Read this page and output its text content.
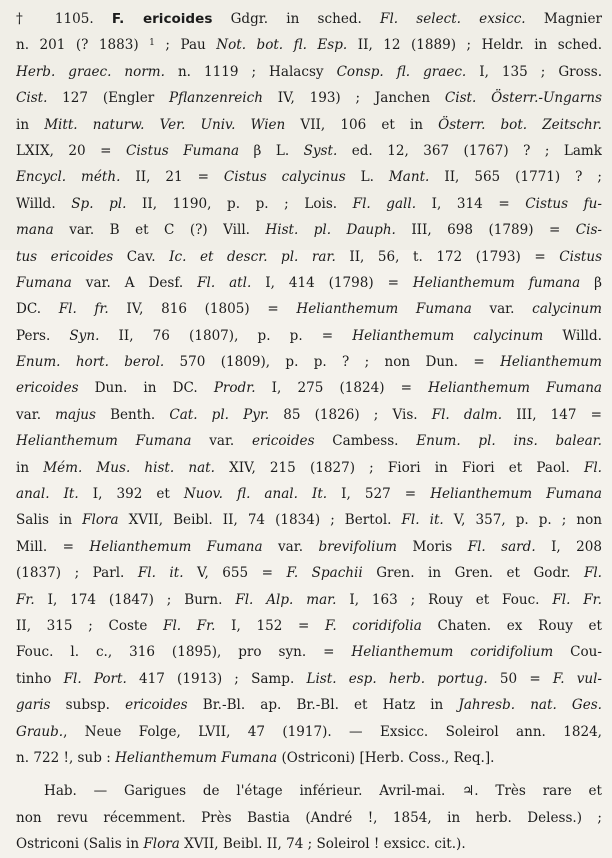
† 1105. F. ericoides Gdgr. in sched. Fl. select. exsicc. Magnier
n. 201 (? 1883) $^1$ ; Pau Not. bot. fl. Esp. II, 12 (1889) ; Heldr. in sched.
Herb. graec. norm. n. 1119 ; Halacsy Consp. fl. graec. I, 135 ; Gross.
Cist. 127 (Engler Pflanzenreich IV, 193) ; Janchen Cist. Österr.-Ungarns
in Mitt. naturw. Ver. Univ. Wien VII, 106 et in Österr. bot. Zeitschr.
LXIX, 20 = Cistus Fumana β L. Syst. ed. 12, 367 (1767) ? ; Lamk
Encycl. méth. II, 21 = Cistus calycinus L. Mant. II, 565 (1771) ? ;
Willd. Sp. pl. II, 1190, p. p. ; Lois. Fl. gall. I, 314 = Cistus fu-
mana var. B et C (?) Vill. Hist. pl. Dauph. III, 698 (1789) = Cis-
tus ericoides Cav. Ic. et descr. pl. rar. II, 56, t. 172 (1793) = Cistus
Fumana var. A Desf. Fl. atl. I, 414 (1798) = Helianthemum fumana β
DC. Fl. fr. IV, 816 (1805) = Helianthemum Fumana var. calycinum
Pers. Syn. II, 76 (1807), p. p. = Helianthemum calycinum Willd.
Enum. hort. berol. 570 (1809), p. p. ? ; non Dun. = Helianthemum
ericoides Dun. in DC. Prodr. I, 275 (1824) = Helianthemum Fumana
var. majus Benth. Cat. pl. Pyr. 85 (1826) ; Vis. Fl. dalm. III, 147 =
Helianthemum Fumana var. ericoides Cambess. Enum. pl. ins. balear.
in Mém. Mus. hist. nat. XIV, 215 (1827) ; Fiori in Fiori et Paol. Fl.
anal. It. I, 392 et Nuov. fl. anal. It. I, 527 = Helianthemum Fumana
Salis in Flora XVII, Beibl. II, 74 (1834) ; Bertol. Fl. it. V, 357, p. p. ; non
Mill. = Helianthemum Fumana var. brevifolium Moris Fl. sard. I, 208
(1837) ; Parl. Fl. it. V, 655 = F. Spachii Gren. in Gren. et Godr. Fl.
Fr. I, 174 (1847) ; Burn. Fl. Alp. mar. I, 163 ; Rouy et Fouc. Fl. Fr.
II, 315 ; Coste Fl. Fr. I, 152 = F. coridifolia Chaten. ex Rouy et
Fouc. l. c., 316 (1895), pro syn. = Helianthemum coridifolium Cou-
tinho Fl. Port. 417 (1913) ; Samp. List. esp. herb. portug. 50 = F. vul-
garis subsp. ericoides Br.-Bl. ap. Br.-Bl. et Hatz in Jahresb. nat. Ges.
Graub., Neue Folge, LVII, 47 (1917). — Exsicc. Soleirol ann. 1824,
n. 722 !, sub : Helianthemum Fumana (Ostriconi) [Herb. Coss., Req.].
Hab. — Garigues de l'étage inférieur. Avril-mai. ♃. Très rare et
non revu récemment. Près Bastia (André !, 1854, in herb. Deless.) ;
Ostriconi (Salis in Flora XVII, Beibl. II, 74 ; Soleirol ! exsicc. cit.).
